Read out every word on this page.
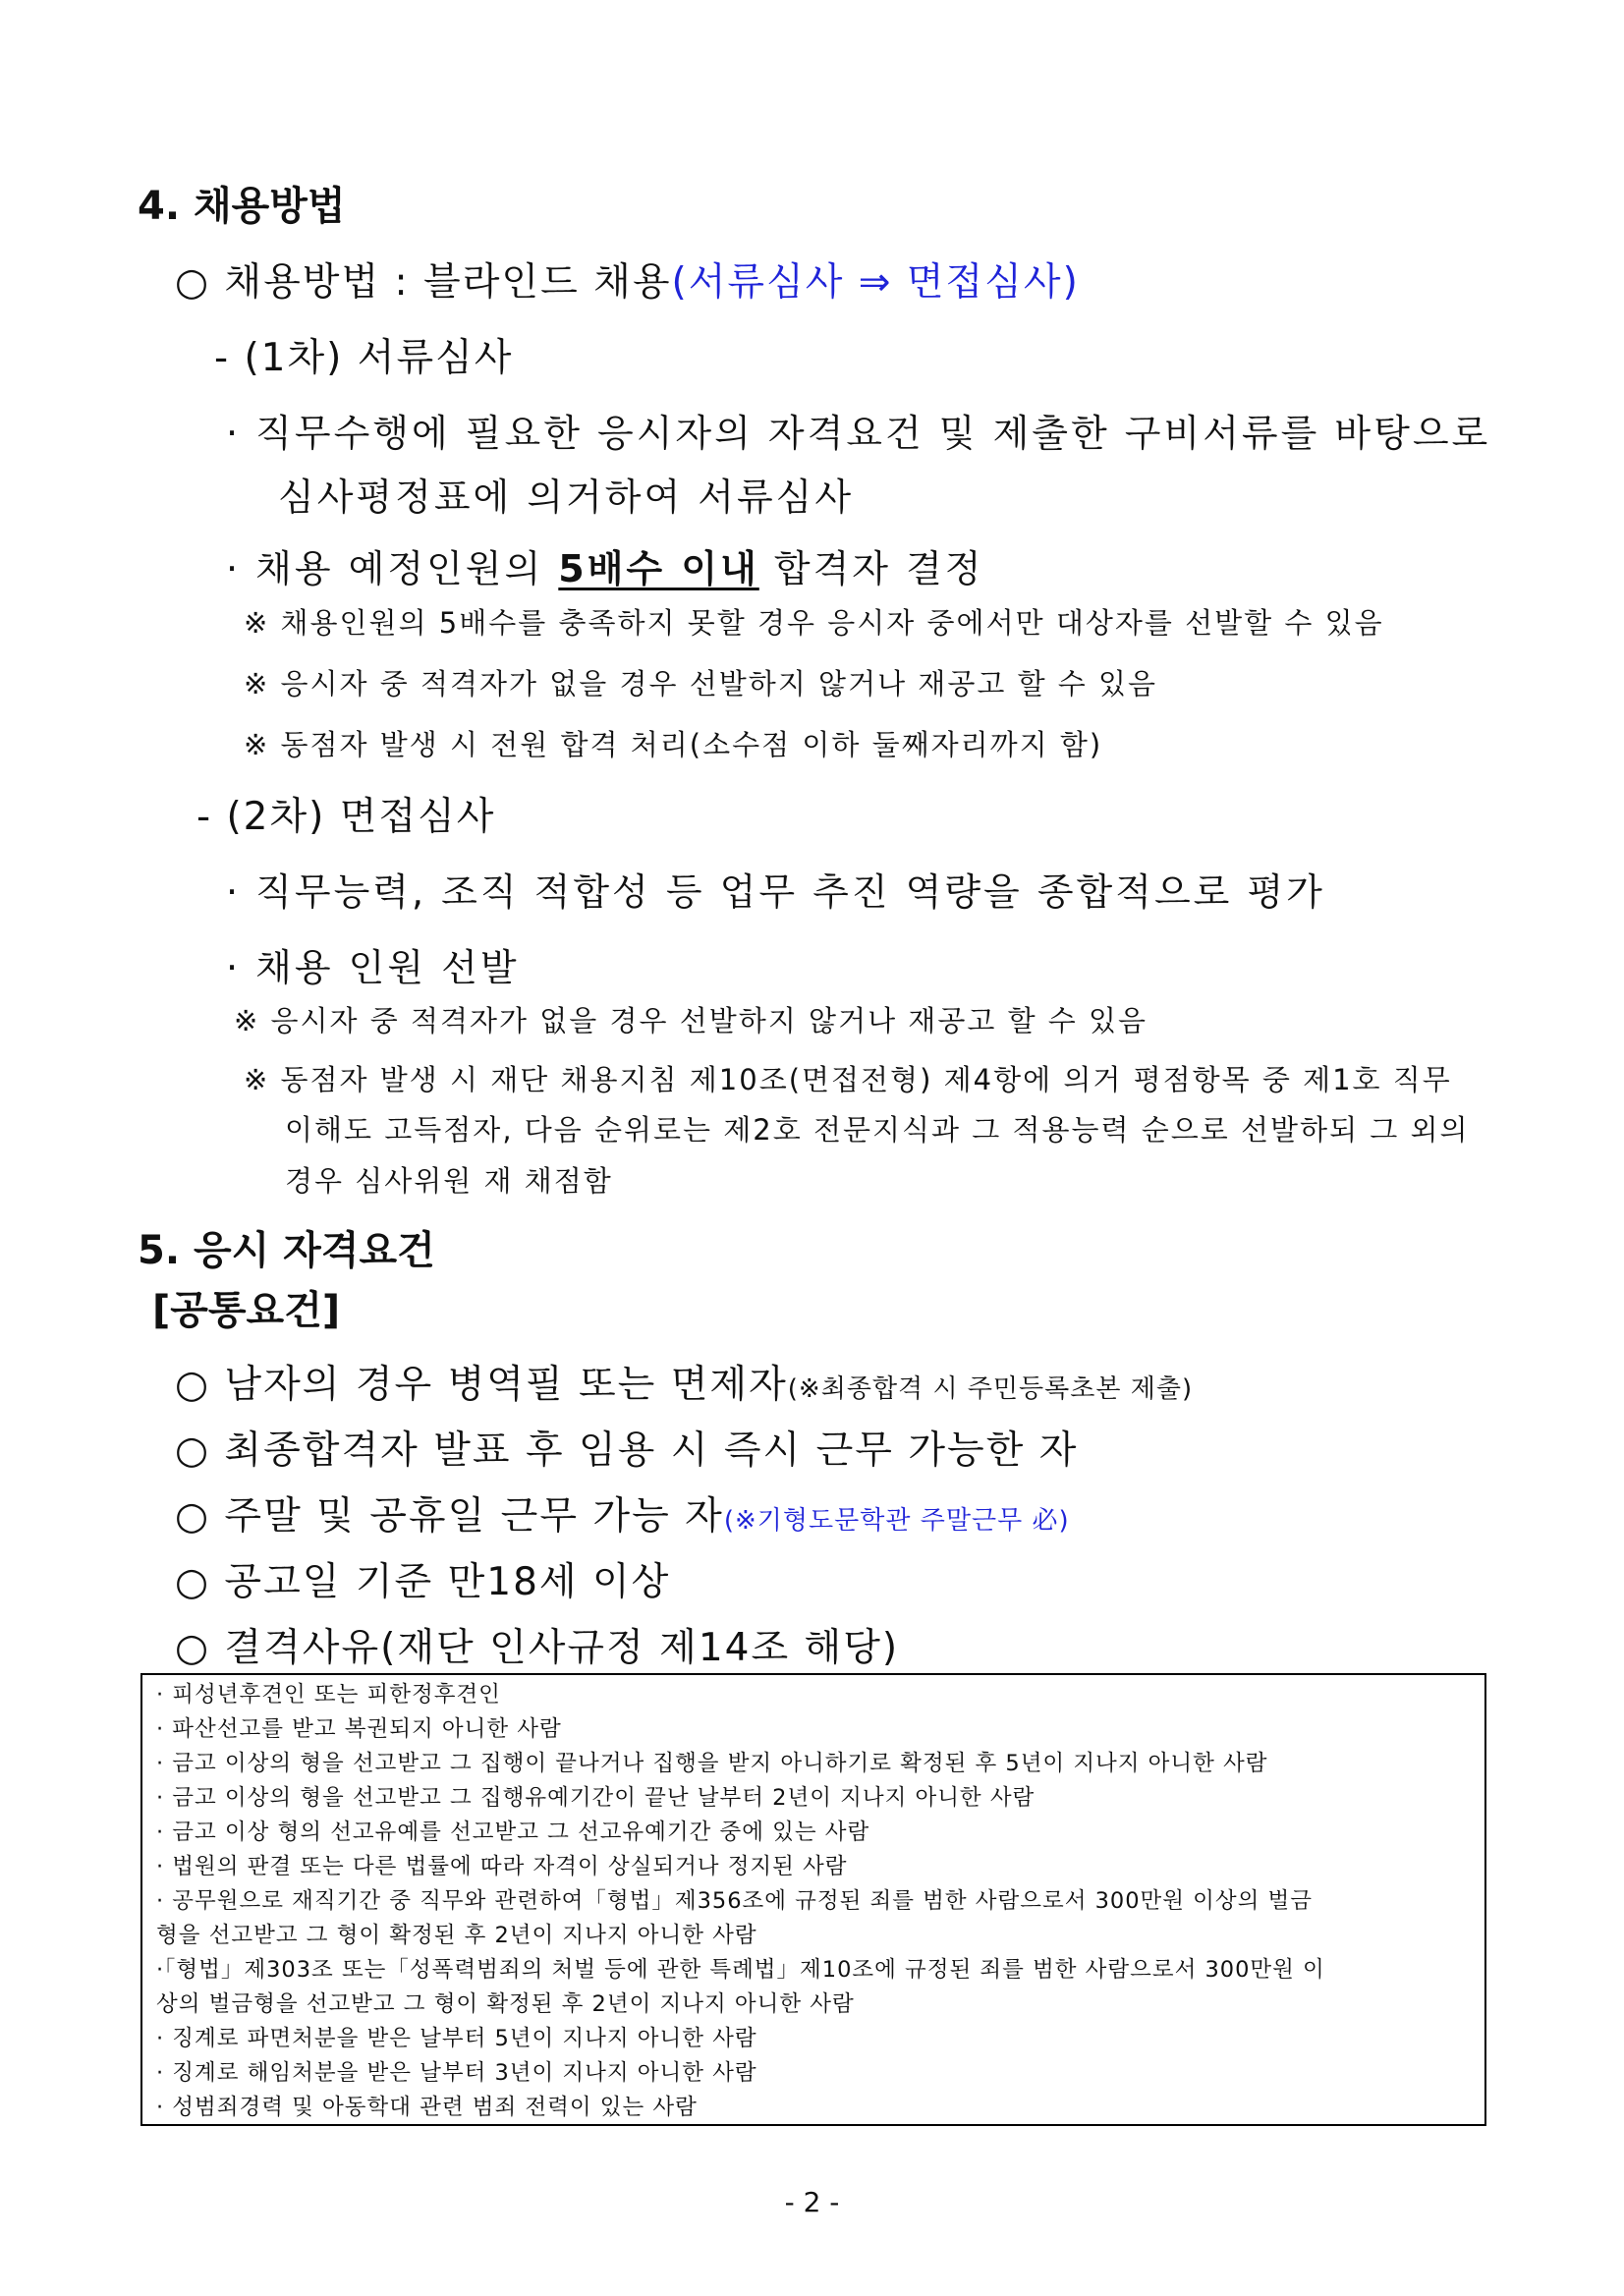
4. 채용방법
○ 채용방법 : 블라인드 채용(서류심사 ⇒ 면접심사)
- (1차) 서류심사
· 직무수행에 필요한 응시자의 자격요건 및 제출한 구비서류를 바탕으로
심사평정표에 의거하여 서류심사
· 채용 예정인원의 5배수 이내 합격자 결정
※ 채용인원의 5배수를 충족하지 못할 경우 응시자 중에서만 대상자를 선발할 수 있음
※ 응시자 중 적격자가 없을 경우 선발하지 않거나 재공고 할 수 있음
※ 동점자 발생 시 전원 합격 처리(소수점 이하 둘째자리까지 함)
- (2차) 면접심사
· 직무능력, 조직 적합성 등 업무 추진 역량을 종합적으로 평가
· 채용 인원 선발
※ 응시자 중 적격자가 없을 경우 선발하지 않거나 재공고 할 수 있음
※ 동점자 발생 시 재단 채용지침 제10조(면접전형) 제4항에 의거 평점항목 중 제1호 직무
이해도 고득점자, 다음 순위로는 제2호 전문지식과 그 적용능력 순으로 선발하되 그 외의
경우 심사위원 재 채점함
5. 응시 자격요건
[공통요건]
○ 남자의 경우 병역필 또는 면제자(※최종합격 시 주민등록초본 제출)
○ 최종합격자 발표 후 임용 시 즉시 근무 가능한 자
○ 주말 및 공휴일 근무 가능 자(※기형도문학관 주말근무 必)
○ 공고일 기준 만18세 이상
○ 결격사유(재단 인사규정 제14조 해당)
· 피성년후견인 또는 피한정후견인
· 파산선고를 받고 복권되지 아니한 사람
· 금고 이상의 형을 선고받고 그 집행이 끝나거나 집행을 받지 아니하기로 확정된 후 5년이 지나지 아니한 사람
· 금고 이상의 형을 선고받고 그 집행유예기간이 끝난 날부터 2년이 지나지 아니한 사람
· 금고 이상 형의 선고유예를 선고받고 그 선고유예기간 중에 있는 사람
· 법원의 판결 또는 다른 법률에 따라 자격이 상실되거나 정지된 사람
· 공무원으로 재직기간 중 직무와 관련하여「형법」제356조에 규정된 죄를 범한 사람으로서 300만원 이상의 벌금
형을 선고받고 그 형이 확정된 후 2년이 지나지 아니한 사람
·「형법」제303조 또는「성폭력범죄의 처벌 등에 관한 특례법」제10조에 규정된 죄를 범한 사람으로서 300만원 이
상의 벌금형을 선고받고 그 형이 확정된 후 2년이 지나지 아니한 사람
· 징계로 파면처분을 받은 날부터 5년이 지나지 아니한 사람
· 징계로 해임처분을 받은 날부터 3년이 지나지 아니한 사람
· 성범죄경력 및 아동학대 관련 범죄 전력이 있는 사람
- 2 -
